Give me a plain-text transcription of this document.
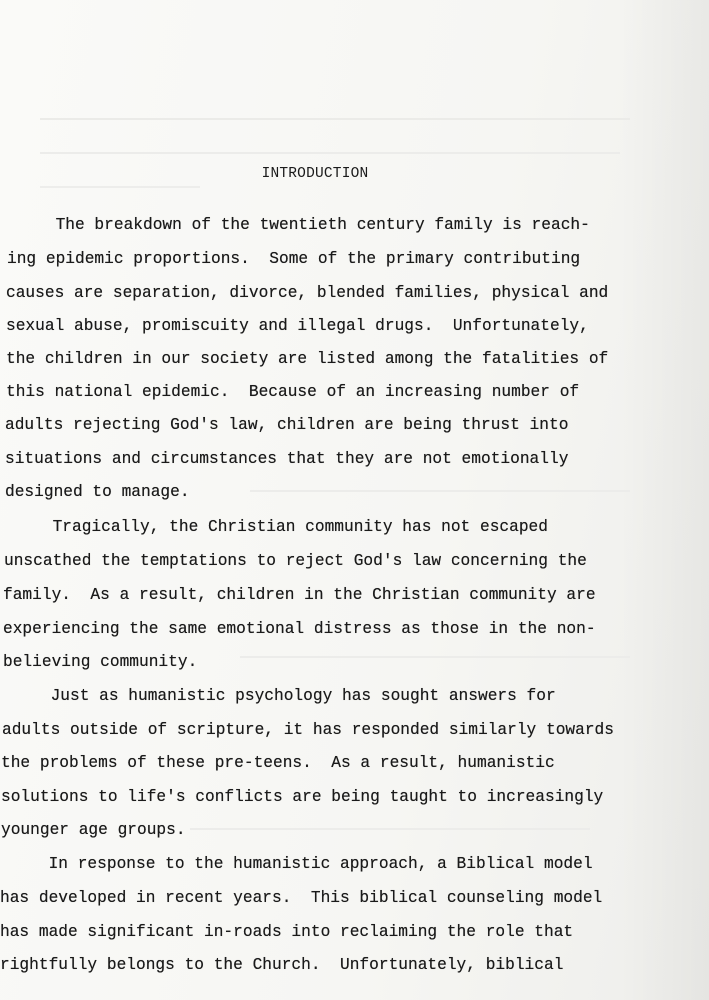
INTRODUCTION
The breakdown of the twentieth century family is reach-
ing epidemic proportions.  Some of the primary contributing
causes are separation, divorce, blended families, physical and
sexual abuse, promiscuity and illegal drugs.  Unfortunately,
the children in our society are listed among the fatalities of
this national epidemic.  Because of an increasing number of
adults rejecting God's law, children are being thrust into
situations and circumstances that they are not emotionally
designed to manage.
Tragically, the Christian community has not escaped
unscathed the temptations to reject God's law concerning the
family.  As a result, children in the Christian community are
experiencing the same emotional distress as those in the non-
believing community.
Just as humanistic psychology has sought answers for
adults outside of scripture, it has responded similarly towards
the problems of these pre-teens.  As a result, humanistic
solutions to life's conflicts are being taught to increasingly
younger age groups.
In response to the humanistic approach, a Biblical model
has developed in recent years.  This biblical counseling model
has made significant in-roads into reclaiming the role that
rightfully belongs to the Church.  Unfortunately, biblical
